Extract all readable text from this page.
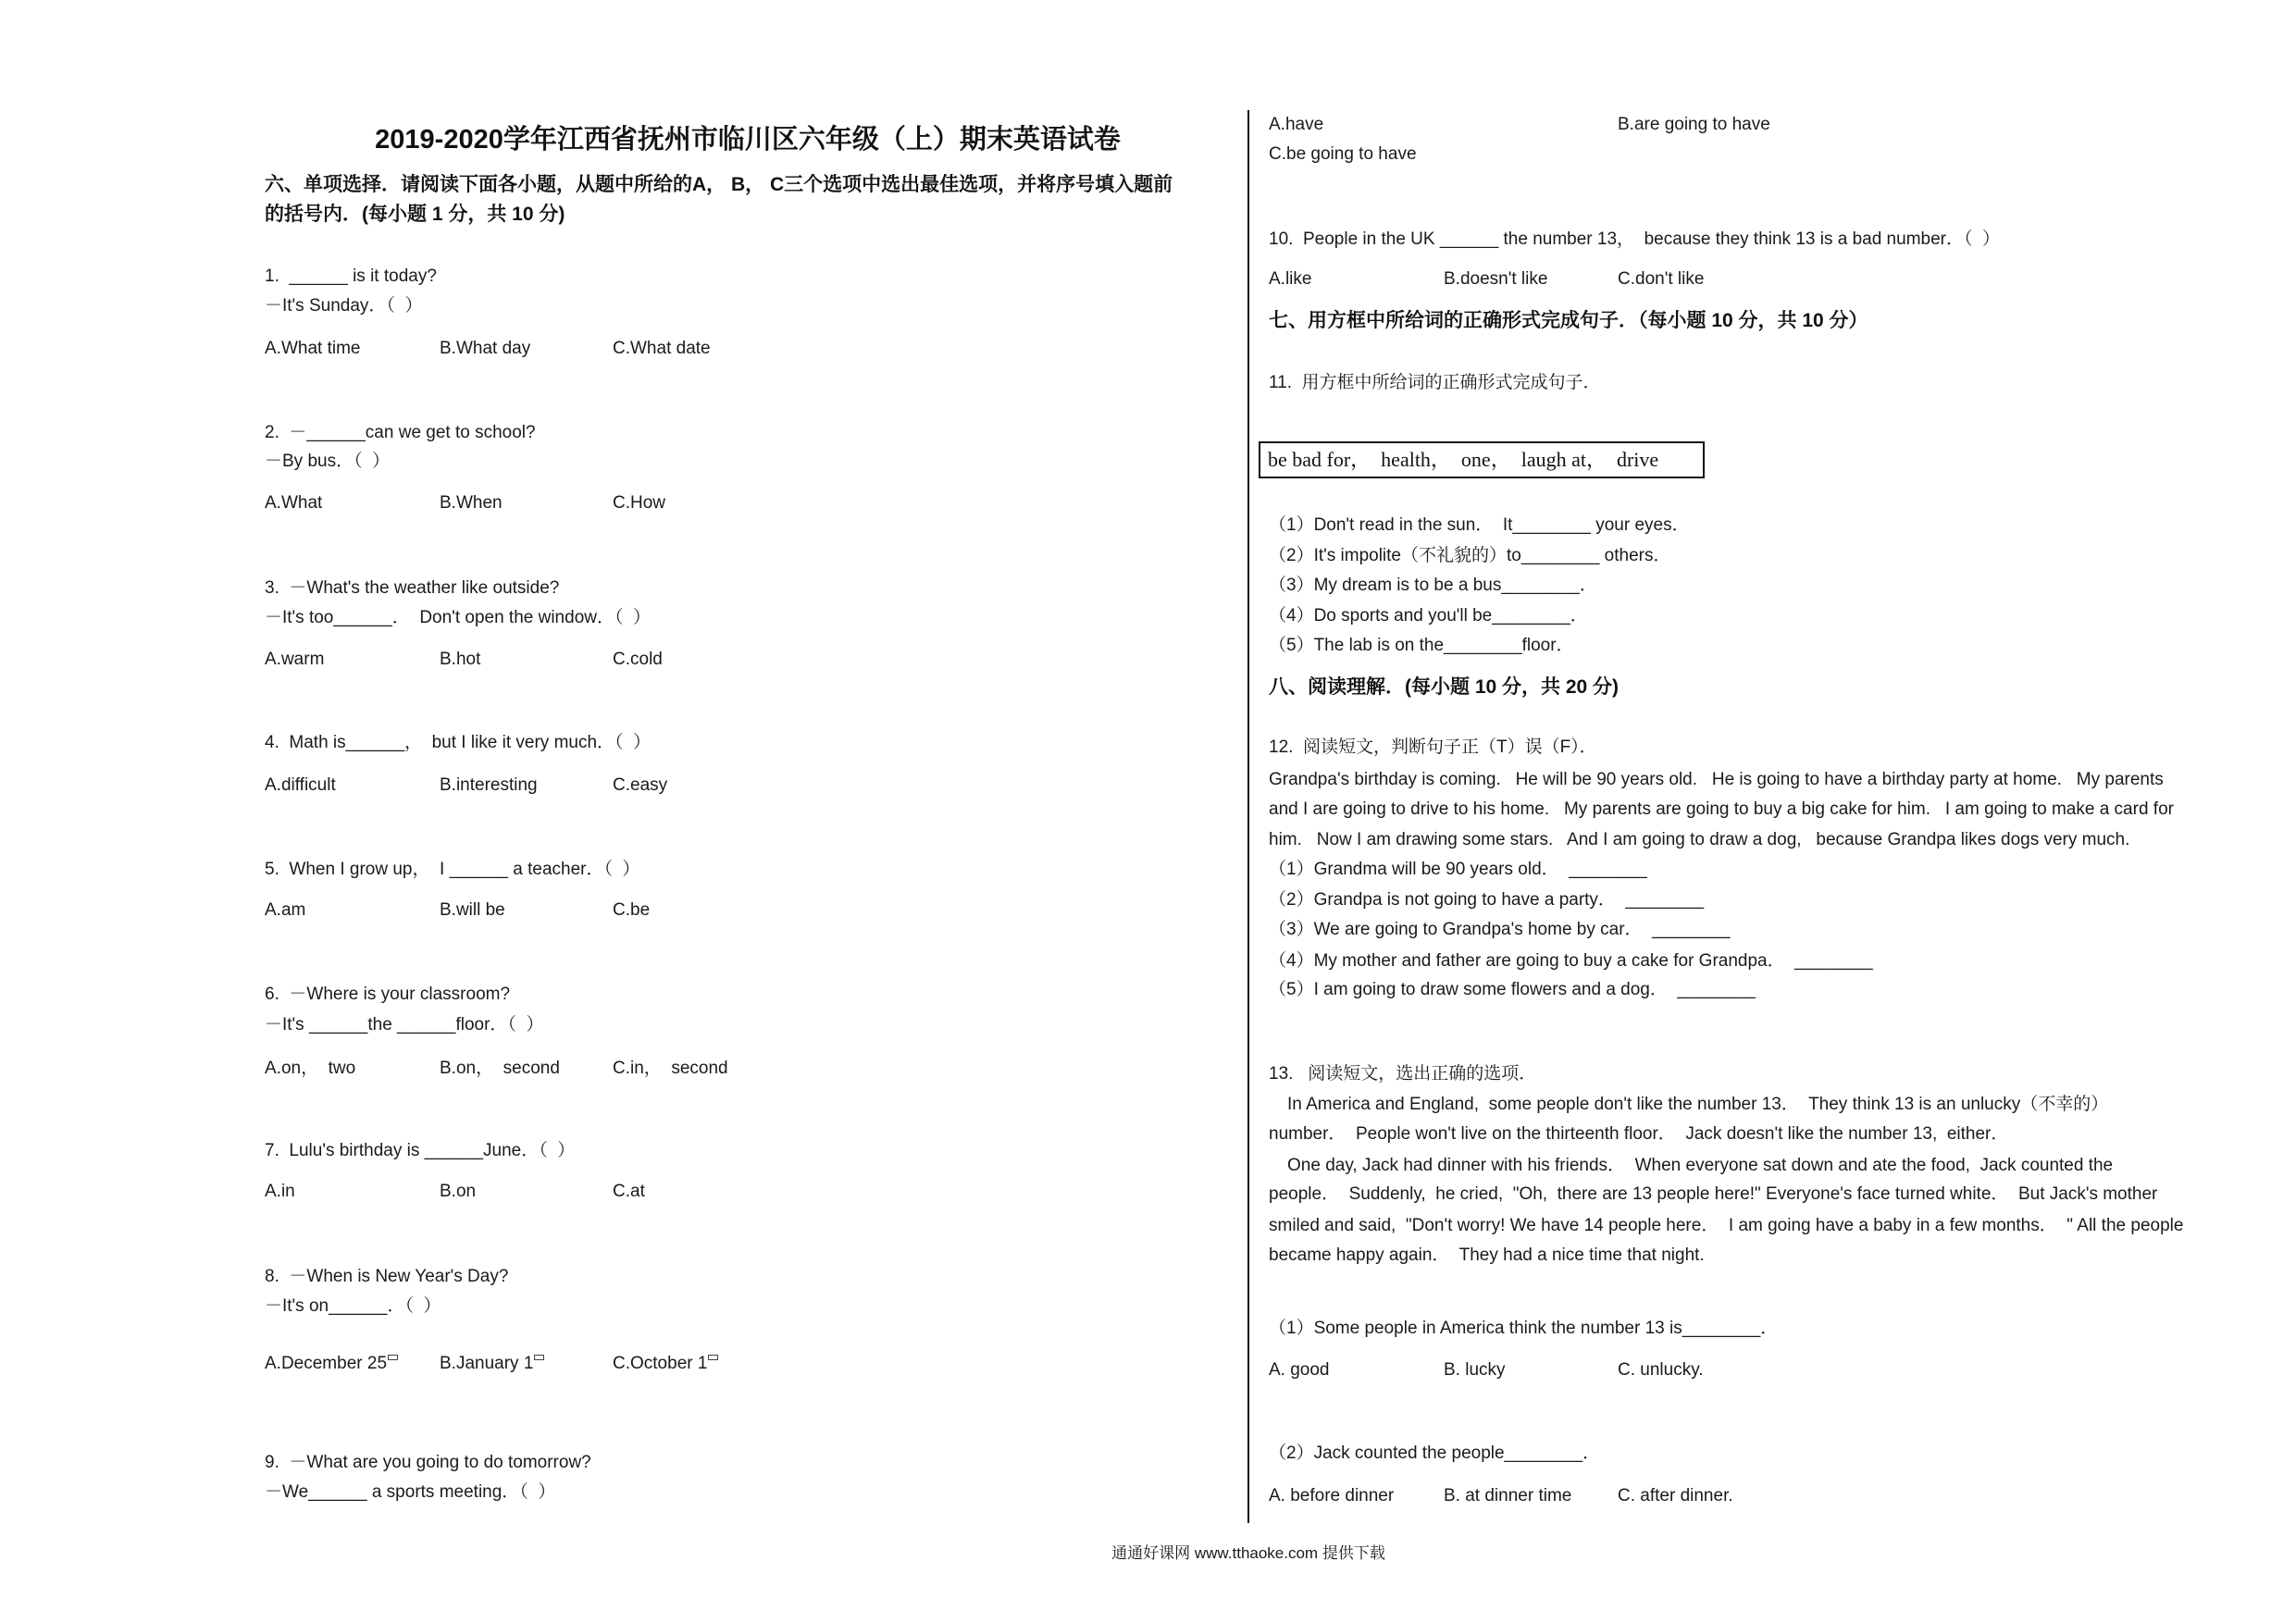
2019-2020学年江西省抚州市临川区六年级（上）期末英语试卷
六、单项选择．请阅读下面各小题，从题中所给的A， B， C三个选项中选出最佳选项，并将序号填入题前
的括号内．(每小题 1 分，共 10 分)
1.  ______ is it today?
－It's Sunday．（  ）
A.What time	B.What day	C.What date
2.  －______can we get to school?
－By bus．（  ）
A.What	B.When	C.How
3.  －What's the weather like outside?
－It's too______．  Don't open the window．（  ）
A.warm	B.hot	C.cold
4.  Math is______，  but I like it very much．（  ）
A.difficult	B.interesting	C.easy
5.  When I grow up，  I ______ a teacher．（  ）
A.am	B.will be	C.be
6.  －Where is your classroom?
－It's ______the ______floor．（  ）
A.on，  two	B.on，  second	C.in，  second
7.  Lulu's birthday is ______June．（  ）
A.in	B.on	C.at
8.  －When is New Year's Day?
－It's on______．（  ）
A.December 25	B.January 1	C.October 1
9.  －What are you going to do tomorrow?
－We______ a sports meeting．（  ）
A.have	B.are going to have
C.be going to have
10.  People in the UK ______ the number 13，  because they think 13 is a bad number．（  ）
A.like	B.doesn't like	C.don't like
七、用方框中所给词的正确形式完成句子．（每小题 10 分，共 10 分）
11.  用方框中所给词的正确形式完成句子．
be bad for，  health，  one，  laugh at，  drive
（1）Don't read in the sun．  It________ your eyes．
（2）It's impolite（不礼貌的）to________ others．
（3）My dream is to be a bus________．
（4）Do sports and you'll be________．
（5）The lab is on the________floor．
八、阅读理解．(每小题 10 分，共 20 分)
12.  阅读短文，判断句子正（T）误（F）．
Grandpa's birthday is coming.   He will be 90 years old.   He is going to have a birthday party at home.   My parents
and I are going to drive to his home.   My parents are going to buy a big cake for him.   I am going to make a card for
him.   Now I am drawing some stars.   And I am going to draw a dog,   because Grandpa likes dogs very much.
（1）Grandma will be 90 years old．  ________
（2）Grandpa is not going to have a party．  ________
（3）We are going to Grandpa's home by car．  ________
（4）My mother and father are going to buy a cake for Grandpa．  ________
（5）I am going to draw some flowers and a dog．  ________
13.   阅读短文，选出正确的选项．
In America and England,  some people don't like the number 13．  They think 13 is an unlucky（不幸的）
number．  People won't live on the thirteenth floor．  Jack doesn't like the number 13,  either．
One day, Jack had dinner with his friends．  When everyone sat down and ate the food,  Jack counted the
people．  Suddenly,  he cried,  "Oh,  there are 13 people here!" Everyone's face turned white．  But Jack's mother
smiled and said,  "Don't worry! We have 14 people here．  I am going have a baby in a few months．  " All the people
became happy again．  They had a nice time that night.
（1）Some people in America think the number 13 is________．
A. good	B. lucky	C. unlucky.
（2）Jack counted the people________．
A. before dinner	B. at dinner time	C. after dinner.
通通好课网 www.tthaoke.com 提供下载
